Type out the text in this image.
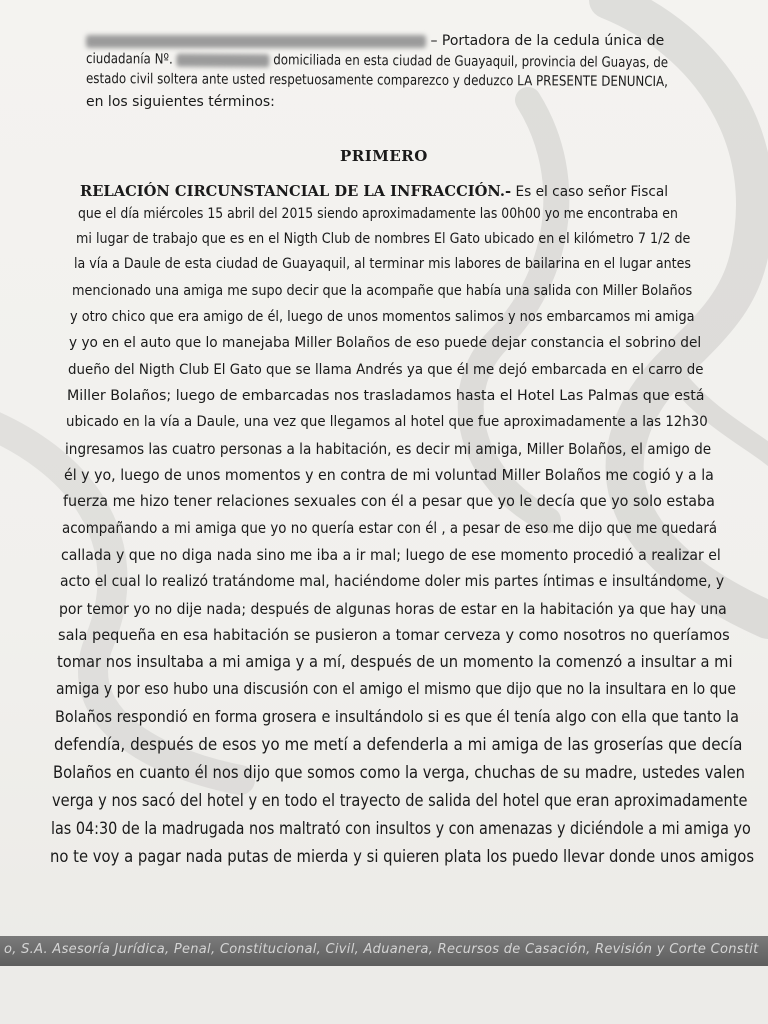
– Portadora de la cedula única de
ciudadanía Nº.	domiciliada en esta ciudad de Guayaquil, provincia del Guayas, de
estado civil soltera ante usted respetuosamente comparezco y deduzco LA PRESENTE DENUNCIA,
en los siguientes términos:
PRIMERO
RELACIÓN CIRCUNSTANCIAL DE LA INFRACCIÓN.- Es el caso señor Fiscal
que el día miércoles 15 abril del 2015 siendo aproximadamente las 00h00 yo me encontraba en
mi lugar de trabajo que es en el Nigth Club de nombres El Gato ubicado en el kilómetro 7 1/2 de
la vía a Daule de esta ciudad de Guayaquil, al terminar mis labores de bailarina en el lugar antes
mencionado una amiga me supo decir que la acompañe que había una salida con Miller Bolaños
y otro chico que era amigo de él, luego de unos momentos salimos y nos embarcamos mi amiga
y yo en el auto que lo manejaba Miller Bolaños de eso puede dejar constancia el sobrino del
dueño del Nigth Club El Gato que se llama Andrés ya que él me dejó embarcada en el carro de
Miller Bolaños; luego de embarcadas nos trasladamos hasta el Hotel Las Palmas que está
ubicado en la vía a Daule, una vez que llegamos al hotel que fue aproximadamente a las 12h30
ingresamos las cuatro personas a la habitación, es decir mi amiga, Miller Bolaños, el amigo de
él y yo, luego de unos momentos y en contra de mi voluntad Miller Bolaños me cogió y a la
fuerza me hizo tener relaciones sexuales con él a pesar que yo le decía que yo solo estaba
acompañando a mi amiga que yo no quería estar con él , a pesar de eso me dijo que me quedará
callada y que no diga nada sino me iba a ir mal; luego de ese momento procedió a realizar el
acto el cual lo realizó tratándome mal, haciéndome doler mis partes íntimas e insultándome, y
por temor yo no dije nada; después de algunas horas de estar en la habitación ya que hay una
sala pequeña en esa habitación se pusieron a tomar cerveza y como nosotros no queríamos
tomar nos insultaba a mi amiga y a mí, después de un momento la comenzó a insultar a mi
amiga y por eso hubo una discusión con el amigo el mismo que dijo que no la insultara en lo que
Bolaños respondió en forma grosera e insultándolo si es que él tenía algo con ella que tanto la
defendía, después de esos yo me metí a defenderla a mi amiga de las groserías que decía
Bolaños en cuanto él nos dijo que somos como la verga, chuchas de su madre, ustedes valen
verga y nos sacó del hotel y en todo el trayecto de salida del hotel que eran aproximadamente
las 04:30 de la madrugada nos maltrató con insultos y con amenazas y diciéndole a mi amiga yo
no te voy a pagar nada putas de mierda y si quieren plata los puedo llevar donde unos amigos
o, S.A. Asesoría Jurídica, Penal, Constitucional, Civil, Aduanera, Recursos de Casación, Revisión y Corte Constit
